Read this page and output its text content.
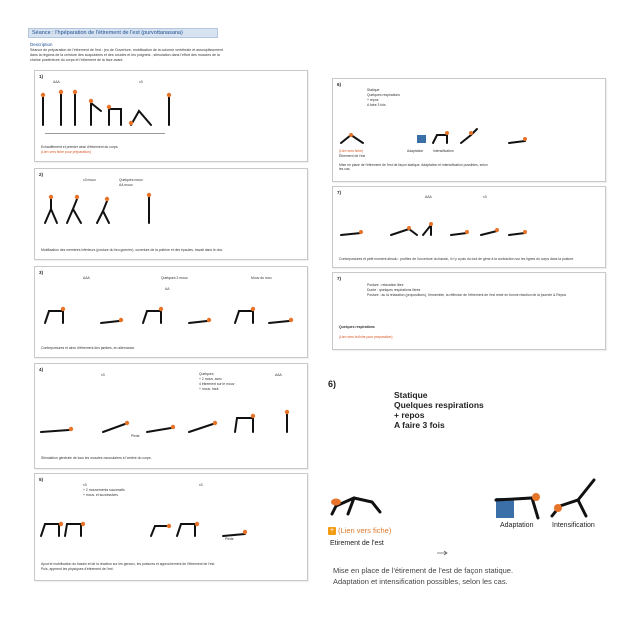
Séance : l'hpéparation de l'étirement de l'est (purvottanasana)
Description
Séance de préparation de l'étirement de l'est : jeu de Ouverture, mobilisation de la colonne vertébrale et assouplissement dans la régions de la ceinture des scapulaires et des coudes et les poignets ; stimulation dans l'effort des muscles de la chaîne postérieure du corps et l'étirement de la face avant.
1)
AAA	x3
Echauffement et premier ainsi d'étirement du corps.
(Lien vers fiche pour préparation)
2)
x3 mouv.	Quelques mouv.
AA mouv.
Mobilisation des membres inférieurs (posture du lieu guerrier), ouverture de la poitrine et des épaules, travail dans le dos.
3)
AAA	Quelques 2 mouv.	Mouv du mou
AA
Contrepostures et ainsi d'étirement des jambes, en alternance.
4)
x3	Quelques
+ 2 mouv. avec
4 étirement sur le mouv
+ mouv. haut
AAA
Pieds
Stimulation générale de tous les muscles musculaires à l'arrière du corps.
5)
x3	x3
+ 2 mouvements successifs
+ mouv. et successives
Pieds
Ajout et mobilisation du bassin et de la réaction sur les genoux, les postures et approchement de l'étirement de l'est.
Puis, apprend les physiques d'étirement de l'est.
6)
Statique
Quelques respirations
+ repos
A faire 3 fois
(Lien vers fiche)	Adaptation	Intensification
Étirement de l'est
Mise en place de l'étirement de l'est de façon statique. Adaptation et intensification possibles, selon les cas.
7)
AAA	x3
Contrepostures et petit moment absolu : profitez de l'ouverture du bassin, il n'y a pas du tout de gène à la contraction sur les lignes du corps dans la posture.
7)
Posture : relaxation libre
Durée : quelques respirations libres
Posture : au la relaxation (propositions), l'ensemble, la réflexion de l'étirement de l'est reste en bonne réaction de la journée & Repos
Quelques respirations
(Lien vers la fiche pour préparation)
6)
Statique
Quelques respirations
+ repos
A faire 3 fois
+ (Lien vers fiche)
Adaptation	Intensification
Etirement de l'est
Mise en place de l'étirement de l'est de façon statique.
Adaptation et intensification possibles, selon les cas.
